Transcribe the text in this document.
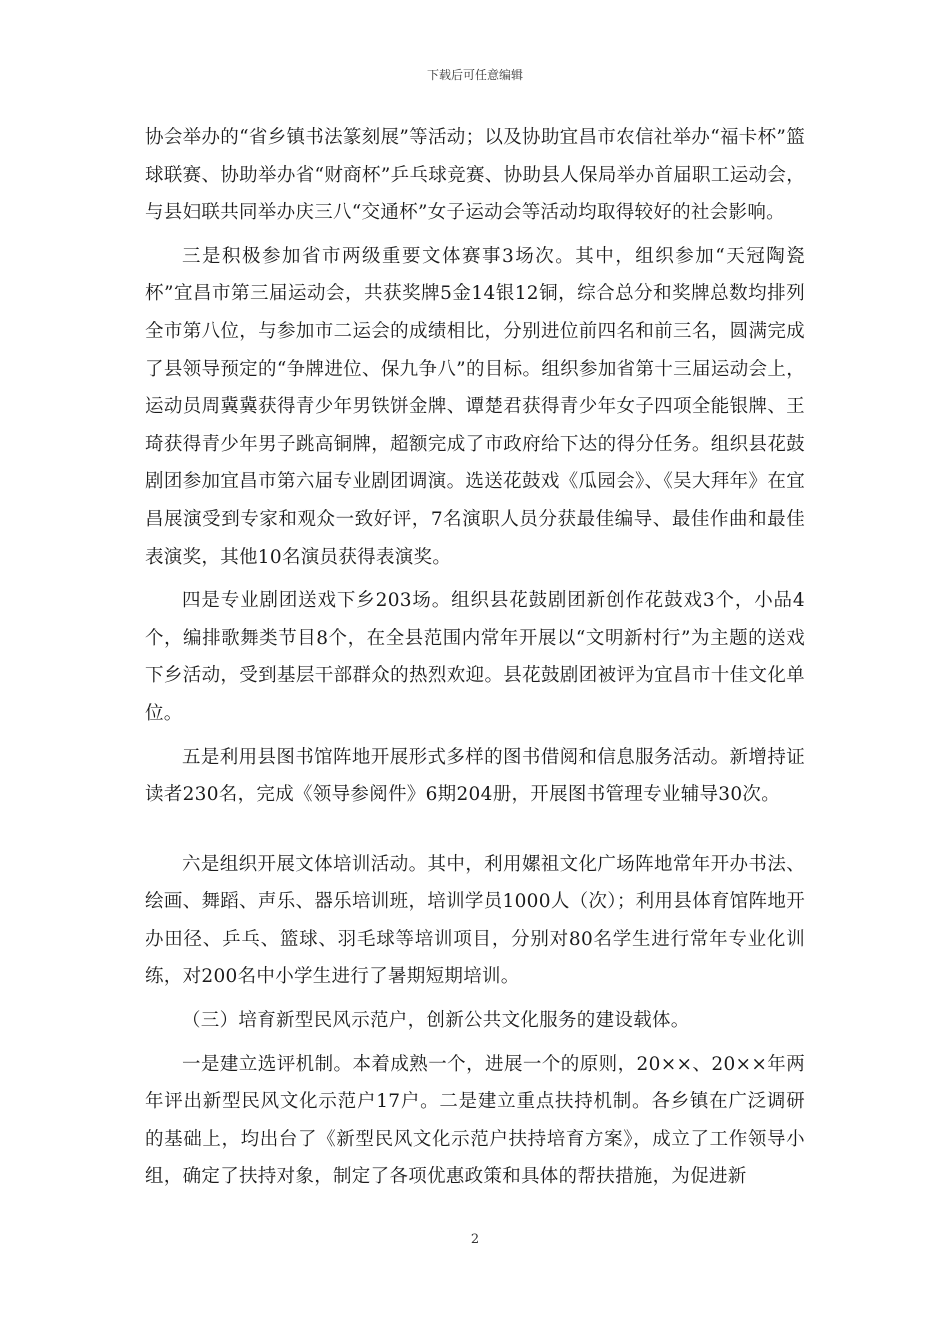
下载后可任意编辑

协会举办的“省乡镇书法篆刻展”等活动；以及协助宜昌市农信社举办“福卡杯”篮球联赛、协助举办省“财商杯”乒乓球竞赛、协助县人保局举办首届职工运动会，与县妇联共同举办庆三八“交通杯”女子运动会等活动均取得较好的社会影响。

三是积极参加省市两级重要文体赛事3场次。其中，组织参加“天冠陶瓷杯”宜昌市第三届运动会，共获奖牌5金14银12铜，综合总分和奖牌总数均排列全市第八位，与参加市二运会的成绩相比，分别进位前四名和前三名，圆满完成了县领导预定的“争牌进位、保九争八”的目标。组织参加省第十三届运动会上，运动员周冀冀获得青少年男铁饼金牌、谭楚君获得青少年女子四项全能银牌、王琦获得青少年男子跳高铜牌，超额完成了市政府给下达的得分任务。组织县花鼓剧团参加宜昌市第六届专业剧团调演。选送花鼓戏《瓜园会》、《吴大拜年》在宜昌展演受到专家和观众一致好评，7名演职人员分获最佳编导、最佳作曲和最佳表演奖，其他10名演员获得表演奖。

四是专业剧团送戏下乡203场。组织县花鼓剧团新创作花鼓戏3个，小品4个，编排歌舞类节目8个，在全县范围内常年开展以“文明新村行”为主题的送戏下乡活动，受到基层干部群众的热烈欢迎。县花鼓剧团被评为宜昌市十佳文化单位。

五是利用县图书馆阵地开展形式多样的图书借阅和信息服务活动。新增持证读者230名，完成《领导参阅件》6期204册，开展图书管理专业辅导30次。

六是组织开展文体培训活动。其中，利用嫘祖文化广场阵地常年开办书法、绘画、舞蹈、声乐、器乐培训班，培训学员1000人（次）；利用县体育馆阵地开办田径、乒乓、篮球、羽毛球等培训项目，分别对80名学生进行常年专业化训练，对200名中小学生进行了暑期短期培训。

（三）培育新型民风示范户，创新公共文化服务的建设载体。

一是建立选评机制。本着成熟一个，进展一个的原则，20××、20××年两年评出新型民风文化示范户17户。二是建立重点扶持机制。各乡镇在广泛调研的基础上，均出台了《新型民风文化示范户扶持培育方案》，成立了工作领导小组，确定了扶持对象，制定了各项优惠政策和具体的帮扶措施，为促进新

2
